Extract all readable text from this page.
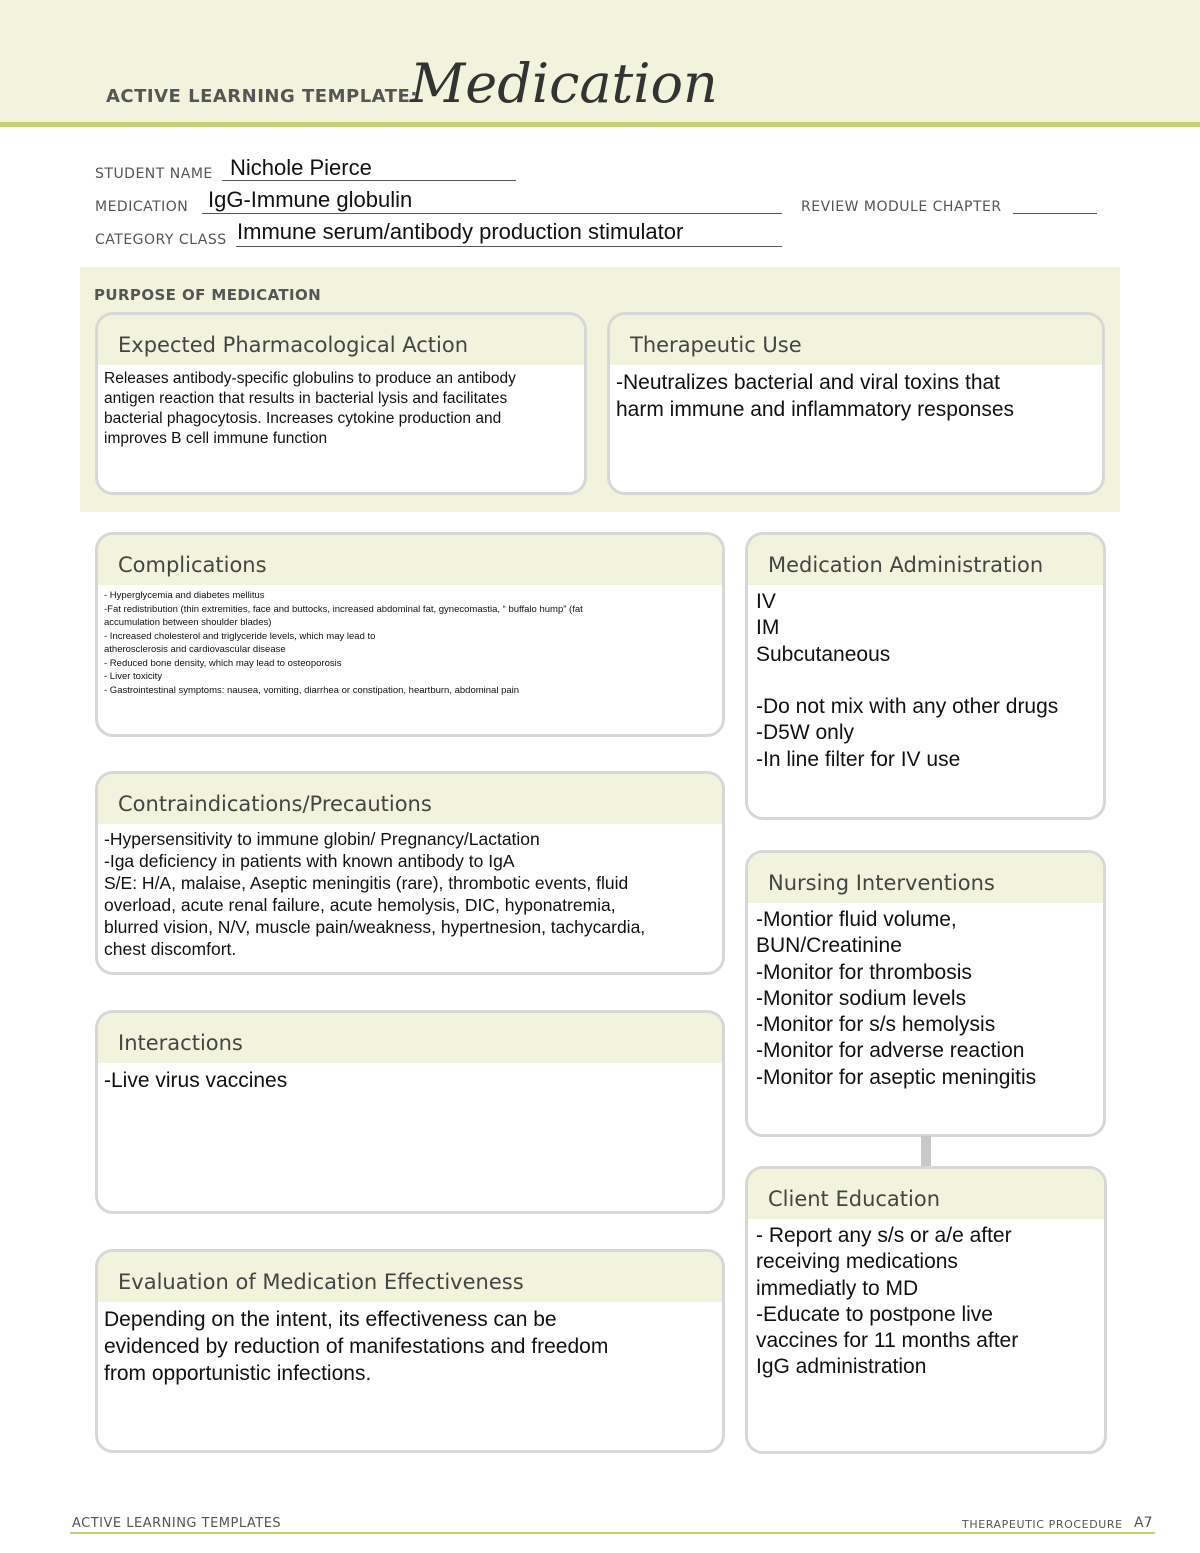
ACTIVE LEARNING TEMPLATE:
Medication
STUDENT NAME Nichole Pierce
MEDICATION IgG-Immune globulin	REVIEW MODULE CHAPTER
CATEGORY CLASS Immune serum/antibody production stimulator
PURPOSE OF MEDICATION
Expected Pharmacological Action
Releases antibody-specific globulins to produce an antibody
antigen reaction that results in bacterial lysis and facilitates
bacterial phagocytosis. Increases cytokine production and
improves B cell immune function
Therapeutic Use
-Neutralizes bacterial and viral toxins that
harm immune and inflammatory responses
Complications
- Hyperglycemia and diabetes mellitus
-Fat redistribution (thin extremities, face and buttocks, increased abdominal fat, gynecomastia, “ buffalo hump” (fat
accumulation between shoulder blades)
- Increased cholesterol and triglyceride levels, which may lead to
atherosclerosis and cardiovascular disease
- Reduced bone density, which may lead to osteoporosis
- Liver toxicity
- Gastrointestinal symptoms: nausea, vomiting, diarrhea or constipation, heartburn, abdominal pain
Contraindications/Precautions
-Hypersensitivity to immune globin/ Pregnancy/Lactation
-Iga deficiency in patients with known antibody to IgA
S/E: H/A, malaise, Aseptic meningitis (rare), thrombotic events, fluid
overload, acute renal failure, acute hemolysis, DIC, hyponatremia,
blurred vision, N/V, muscle pain/weakness, hypertnesion, tachycardia,
chest discomfort.
Interactions
-Live virus vaccines
Evaluation of Medication Effectiveness
Depending on the intent, its effectiveness can be
evidenced by reduction of manifestations and freedom
from opportunistic infections.
Medication Administration
IV
IM
Subcutaneous

-Do not mix with any other drugs
-D5W only
-In line filter for IV use
Nursing Interventions
-Montior fluid volume,
BUN/Creatinine
-Monitor for thrombosis
-Monitor sodium levels
-Monitor for s/s hemolysis
-Monitor for adverse reaction
-Monitor for aseptic meningitis
Client Education
- Report any s/s or a/e after
receiving medications
immediatly to MD
-Educate to postpone live
vaccines for 11 months after
IgG administration
ACTIVE LEARNING TEMPLATES	THERAPEUTIC PROCEDURE A7
